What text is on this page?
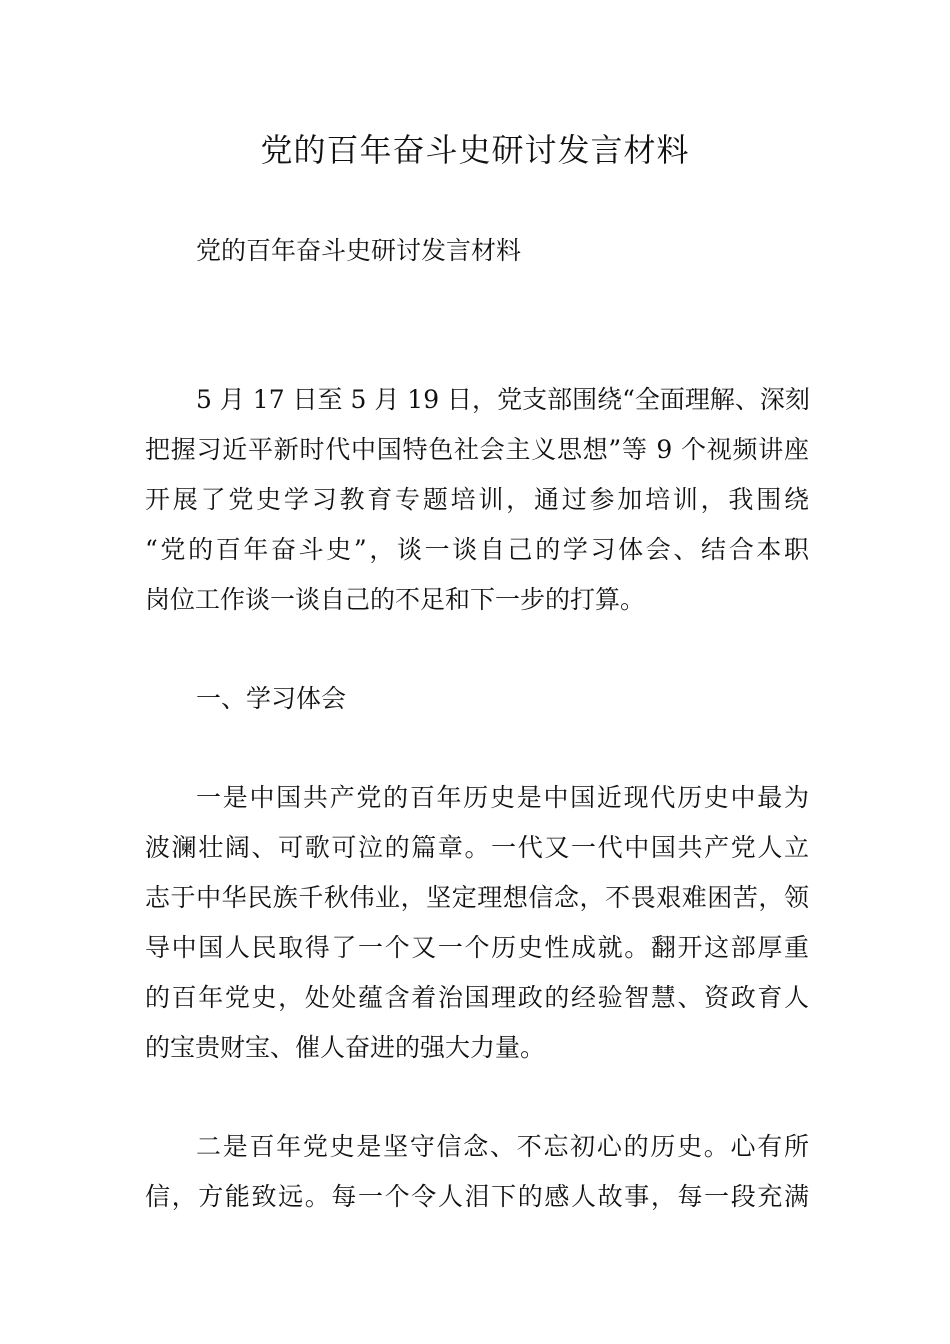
党的百年奋斗史研讨发言材料
党的百年奋斗史研讨发言材料
5 月 17 日至 5 月 19 日，党支部围绕“全面理解、深刻
把握习近平新时代中国特色社会主义思想”等 9 个视频讲座
开展了党史学习教育专题培训，通过参加培训，我围绕
“党的百年奋斗史”，谈一谈自己的学习体会、结合本职
岗位工作谈一谈自己的不足和下一步的打算。
一、学习体会
一是中国共产党的百年历史是中国近现代历史中最为
波澜壮阔、可歌可泣的篇章。一代又一代中国共产党人立
志于中华民族千秋伟业，坚定理想信念，不畏艰难困苦，领
导中国人民取得了一个又一个历史性成就。翻开这部厚重
的百年党史，处处蕴含着治国理政的经验智慧、资政育人
的宝贵财宝、催人奋进的强大力量。
二是百年党史是坚守信念、不忘初心的历史。心有所
信，方能致远。每一个令人泪下的感人故事，每一段充满
